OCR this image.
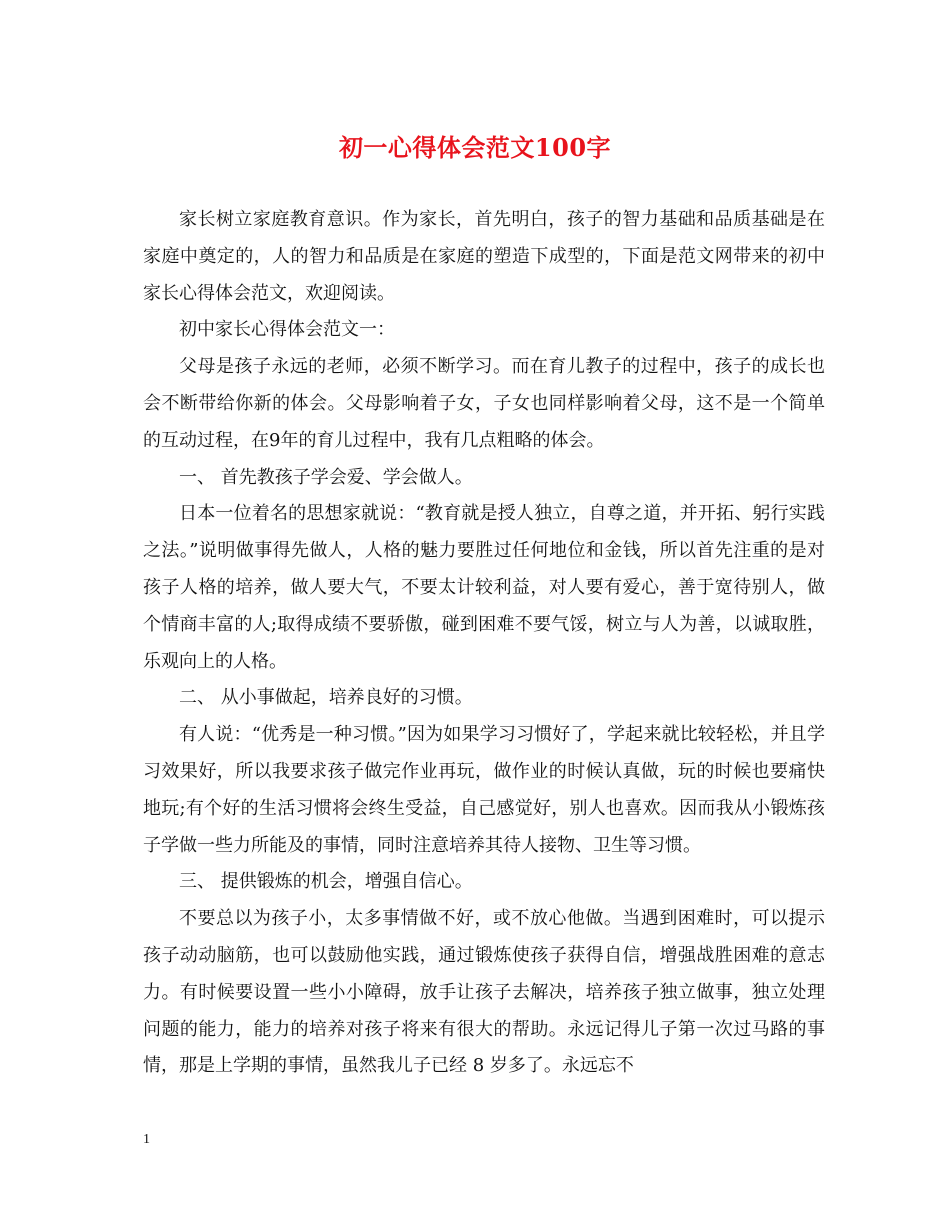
初一心得体会范文100字

家长树立家庭教育意识。作为家长，首先明白，孩子的智力基础和品质基础是在家庭中奠定的，人的智力和品质是在家庭的塑造下成型的，下面是范文网带来的初中家长心得体会范文，欢迎阅读。

初中家长心得体会范文一：

父母是孩子永远的老师，必须不断学习。而在育儿教子的过程中，孩子的成长也会不断带给你新的体会。父母影响着子女，子女也同样影响着父母，这不是一个简单的互动过程，在9年的育儿过程中，我有几点粗略的体会。

一、 首先教孩子学会爱、学会做人。

日本一位着名的思想家就说：“教育就是授人独立，自尊之道，并开拓、躬行实践之法。”说明做事得先做人，人格的魅力要胜过任何地位和金钱，所以首先注重的是对孩子人格的培养，做人要大气，不要太计较利益，对人要有爱心，善于宽待别人，做个情商丰富的人;取得成绩不要骄傲，碰到困难不要气馁，树立与人为善，以诚取胜，乐观向上的人格。

二、 从小事做起，培养良好的习惯。

有人说：“优秀是一种习惯。”因为如果学习习惯好了，学起来就比较轻松，并且学习效果好，所以我要求孩子做完作业再玩，做作业的时候认真做，玩的时候也要痛快地玩;有个好的生活习惯将会终生受益，自己感觉好，别人也喜欢。因而我从小锻炼孩子学做一些力所能及的事情，同时注意培养其待人接物、卫生等习惯。

三、 提供锻炼的机会，增强自信心。

不要总以为孩子小，太多事情做不好，或不放心他做。当遇到困难时，可以提示孩子动动脑筋，也可以鼓励他实践，通过锻炼使孩子获得自信，增强战胜困难的意志力。有时候要设置一些小小障碍，放手让孩子去解决，培养孩子独立做事，独立处理问题的能力，能力的培养对孩子将来有很大的帮助。永远记得儿子第一次过马路的事情，那是上学期的事情，虽然我儿子已经 8 岁多了。永远忘不

1
